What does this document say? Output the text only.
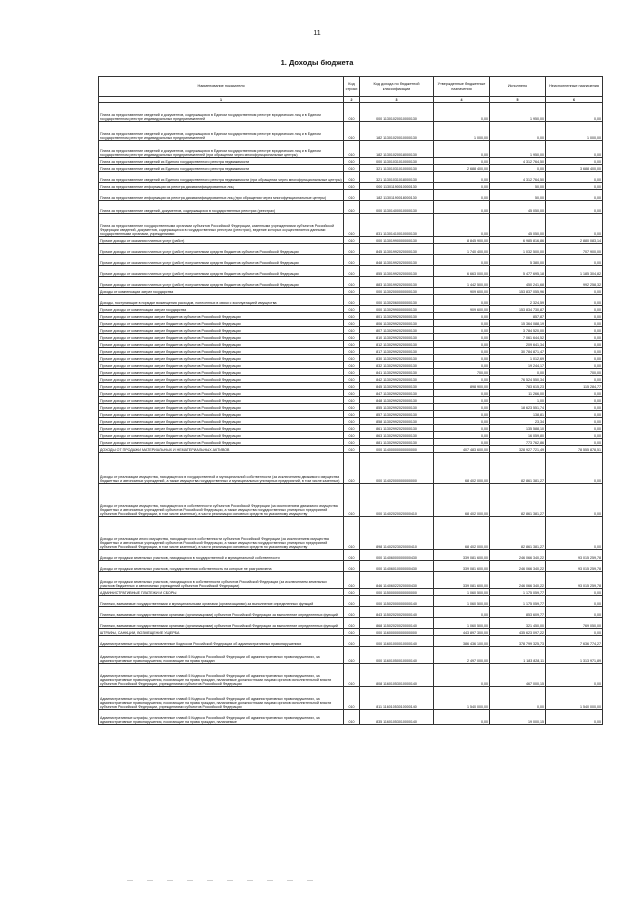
11
1. Доходы бюджета
Наименование показателя	Код строки	Код дохода по бюджетной классификации	Утвержденные бюджетные назначения	Исполнено	Неисполненные назначения
1	2	3	4	5	6
Плата за предоставление сведений и документов, содержащихся в Едином государственном реестре юридических лиц и в Едином государственном реестре индивидуальных предпринимателей	010	000 11301020010000130	0,00	1 950,00	0,00
Плата за предоставление сведений и документов, содержащихся в Едином государственном реестре юридических лиц и в Едином государственном реестре индивидуальных предпринимателей	010	182 11301020010000130	1 000,00	0,00	1 000,00
Плата за предоставление сведений и документов, содержащихся в Едином государственном реестре юридических лиц и в Едином государственном реестре индивидуальных предпринимателей (при обращении через многофункциональные центры)	010	182 11301020018000130	0,00	1 950,00	0,00
Плата за предоставление сведений из Единого государственного реестра недвижимости	010	000 11301031010000130	0,00	4 312 764,50	0,00
Плата за предоставление сведений из Единого государственного реестра недвижимости	010	321 11301031010000130	2 688 400,00	0,00	3 688 400,00
Плата за предоставление сведений из Единого государственного реестра недвижимости (при обращении через многофункциональные центры)	010	321 11301031018000130	0,00	4 312 764,50	0,00
Плата за предоставление информации из реестра дисквалифицированных лиц	010	000 11301190010000130	0,00	50,00	0,00
Плата за предоставление информации из реестра дисквалифицированных лиц (при обращении через многофункциональные центры)	010	182 11301190018000130	0,00	50,00	0,00
Плата за предоставление сведений, документов, содержащихся в государственных реестрах (реестрах)	010	000 11301400010000130	0,00	45 050,00	0,00
Плата за предоставление государственными органами субъектов Российской Федерации, казенными учреждениями субъектов Российской Федерации сведений, документов, содержащихся в государственных реестрах (реестрах), ведение которых осуществляется данными государственными органами, учреждениями	010	831 11301410010000130	0,00	45 050,00	0,00
Прочие доходы от оказания платных услуг (работ)	010	000 11301990000000130	8 845 900,00	6 985 816,86	2 880 083,14
Прочие доходы от оказания платных услуг (работ) получателями средств бюджетов субъектов Российской Федерации	010	845 11301992020000130	1 740 400,00	1 032 500,00	707 900,00
Прочие доходы от оказания платных услуг (работ) получателями средств бюджетов субъектов Российской Федерации	010	848 11301992020000130	0,00	5 380,00	0,00
Прочие доходы от оказания платных услуг (работ) получателями средств бюджетов субъектов Российской Федерации	010	855 11301992020000130	6 663 000,00	5 477 695,18	1 185 304,82
Прочие доходы от оказания платных услуг (работ) получателями средств бюджетов субъектов Российской Федерации	010	883 11301992020000130	1 442 500,00	450 241,68	992 258,32
Доходы от компенсации затрат государства	010	000 11302000000000130	909 600,00	153 837 055,96	0,00
Доходы, поступающие в порядке возмещения расходов, понесенных в связи с эксплуатацией имущества	010	000 11302060000000130	0,00	2 324,59	0,00
Прочие доходы от компенсации затрат государства	010	000 11302990000000130	909 600,00	153 834 730,87	0,00
Прочие доходы от компенсации затрат бюджетов субъектов Российской Федерации	010	801 11302992020000130	0,00	857,87	0,00
Прочие доходы от компенсации затрат бюджетов субъектов Российской Федерации	010	806 11302992020000130	0,00	15 364 088,19	0,00
Прочие доходы от компенсации затрат бюджетов субъектов Российской Федерации	010	807 11302992020000130	0,00	3 784 520,00	0,00
Прочие доходы от компенсации затрат бюджетов субъектов Российской Федерации	010	810 11302992020000130	0,00	7 061 644,52	0,00
Прочие доходы от компенсации затрат бюджетов субъектов Российской Федерации	010	812 11302992020000130	0,00	209 641,34	0,00
Прочие доходы от компенсации затрат бюджетов субъектов Российской Федерации	010	817 11302992020000130	0,00	30 784 871,47	0,00
Прочие доходы от компенсации затрат бюджетов субъектов Российской Федерации	010	830 11302992020000130	0,00	1 012,69	0,00
Прочие доходы от компенсации затрат бюджетов субъектов Российской Федерации	010	832 11302992020000130	0,00	19 244,17	0,00
Прочие доходы от компенсации затрат бюджетов субъектов Российской Федерации	010	841 11302992020000130	700,00	0,00	700,00
Прочие доходы от компенсации затрат бюджетов субъектов Российской Федерации	010	842 11302992020000130	0,00	76 524 550,34	0,00
Прочие доходы от компенсации затрат бюджетов субъектов Российской Федерации	010	845 11302992020000130	898 900,00	783 615,23	115 284,77
Прочие доходы от компенсации затрат бюджетов субъектов Российской Федерации	010	847 11302992020000130	0,00	11 266,00	0,00
Прочие доходы от компенсации затрат бюджетов субъектов Российской Федерации	010	848 11302992020000130	0,00	1,00	0,00
Прочие доходы от компенсации затрат бюджетов субъектов Российской Федерации	010	855 11302992020000130	0,00	18 623 551,74	0,00
Прочие доходы от компенсации затрат бюджетов субъектов Российской Федерации	010	857 11302992020000130	0,00	138,81	0,00
Прочие доходы от компенсации затрат бюджетов субъектов Российской Федерации	010	858 11302992020000130	0,00	23,34	0,00
Прочие доходы от компенсации затрат бюджетов субъектов Российской Федерации	010	861 11302992020000130	0,00	135 588,10	0,00
Прочие доходы от компенсации затрат бюджетов субъектов Российской Федерации	010	863 11302992020000130	0,00	16 059,80	0,00
Прочие доходы от компенсации затрат бюджетов субъектов Российской Федерации	010	881 11302992020000130	0,00	773 762,86	0,00
ДОХОДЫ ОТ ПРОДАЖИ МАТЕРИАЛЬНЫХ И НЕМАТЕРИАЛЬНЫХ АКТИВОВ	010	000 11400000000000000	407 483 600,00	328 927 721,49	78 555 878,51
Доходы от реализации имущества, находящегося в государственной и муниципальной собственности (за исключением движимого имущества бюджетных и автономных учреждений, а также имущества государственных и муниципальных унитарных предприятий, в том числе казенных)	010	000 11402000000000000	68 402 000,00	82 861 381,27	0,00
Доходы от реализации имущества, находящегося в собственности субъектов Российской Федерации (за исключением движимого имущества бюджетных и автономных учреждений субъектов Российской Федерации, а также имущества государственных унитарных предприятий субъектов Российской Федерации, в том числе казенных), в части реализации основных средств по указанному имуществу	010	000 11402020020000410	68 402 000,00	82 861 381,27	0,00
Доходы от реализации иного имущества, находящегося в собственности субъектов Российской Федерации (за исключением имущества бюджетных и автономных учреждений субъектов Российской Федерации, а также имущества государственных унитарных предприятий субъектов Российской Федерации, в том числе казенных), в части реализации основных средств по указанному имуществу	010	898 11402023020000410	68 402 000,00	82 861 381,27	0,00
Доходы от продажи земельных участков, находящихся в государственной и муниципальной собственности	010	000 11406000000000430	339 081 600,00	246 066 340,22	93 015 259,78
Доходы от продажи земельных участков, государственная собственность на которые не разграничена	010	000 11406010000000430	339 081 600,00	246 066 340,22	93 015 259,78
Доходы от продажи земельных участков, находящихся в собственности субъектов Российской Федерации (за исключением земельных участков бюджетных и автономных учреждений субъектов Российской Федерации)	010	846 11406022020000430	339 081 600,00	246 066 340,22	93 015 259,78
АДМИНИСТРАТИВНЫЕ ПЛАТЕЖИ И СБОРЫ	010	000 11500000000000000	1 060 500,00	1 175 059,77	0,00
Платежи, взимаемые государственными и муниципальными органами (организациями) за выполнение определенных функций	010	000 11502000000000140	1 060 500,00	1 175 059,77	0,00
Платежи, взимаемые государственными органами (организациями) субъектов Российской Федерации за выполнение определенных функций	010	843 11502020020000140	0,00	853 609,77	0,00
Платежи, взимаемые государственными органами (организациями) субъектов Российской Федерации за выполнение определенных функций	010	868 11502020020000140	1 060 500,00	321 450,00	769 050,00
ШТРАФЫ, САНКЦИИ, ВОЗМЕЩЕНИЕ УЩЕРБА	010	000 11600000000000000	443 897 300,00	435 623 097,22	0,00
Административные штрафы, установленные Кодексом Российской Федерации об административных правонарушениях	010	000 11601000010000140	386 436 100,00	378 799 325,73	7 636 774,27
Административные штрафы, установленные главой 5 Кодекса Российской Федерации об административных правонарушениях, за административные правонарушения, посягающие на права граждан	010	000 11601050010000140	2 497 000,00	1 183 828,11	1 313 971,89
Административные штрафы, установленные главой 5 Кодекса Российской Федерации об административных правонарушениях, за административные правонарушения, посягающие на права граждан, налагаемые должностными лицами органов исполнительной власти субъектов Российской Федерации, учреждениями субъектов Российской Федерации	010	808 11601053010000140	0,00	467 000,15	0,00
Административные штрафы, установленные главой 5 Кодекса Российской Федерации об административных правонарушениях, за административные правонарушения, посягающие на права граждан, налагаемые должностными лицами органов исполнительной власти субъектов Российской Федерации, учреждениями субъектов Российской Федерации	010	811 11601053010000140	1 540 000,00	0,00	1 540 000,00
Административные штрафы, установленные главой 5 Кодекса Российской Федерации об административных правонарушениях, за административные правонарушения, посягающие на права граждан, налагаемые	010	835 11601053010000140	0,00	19 000,15	0,00
